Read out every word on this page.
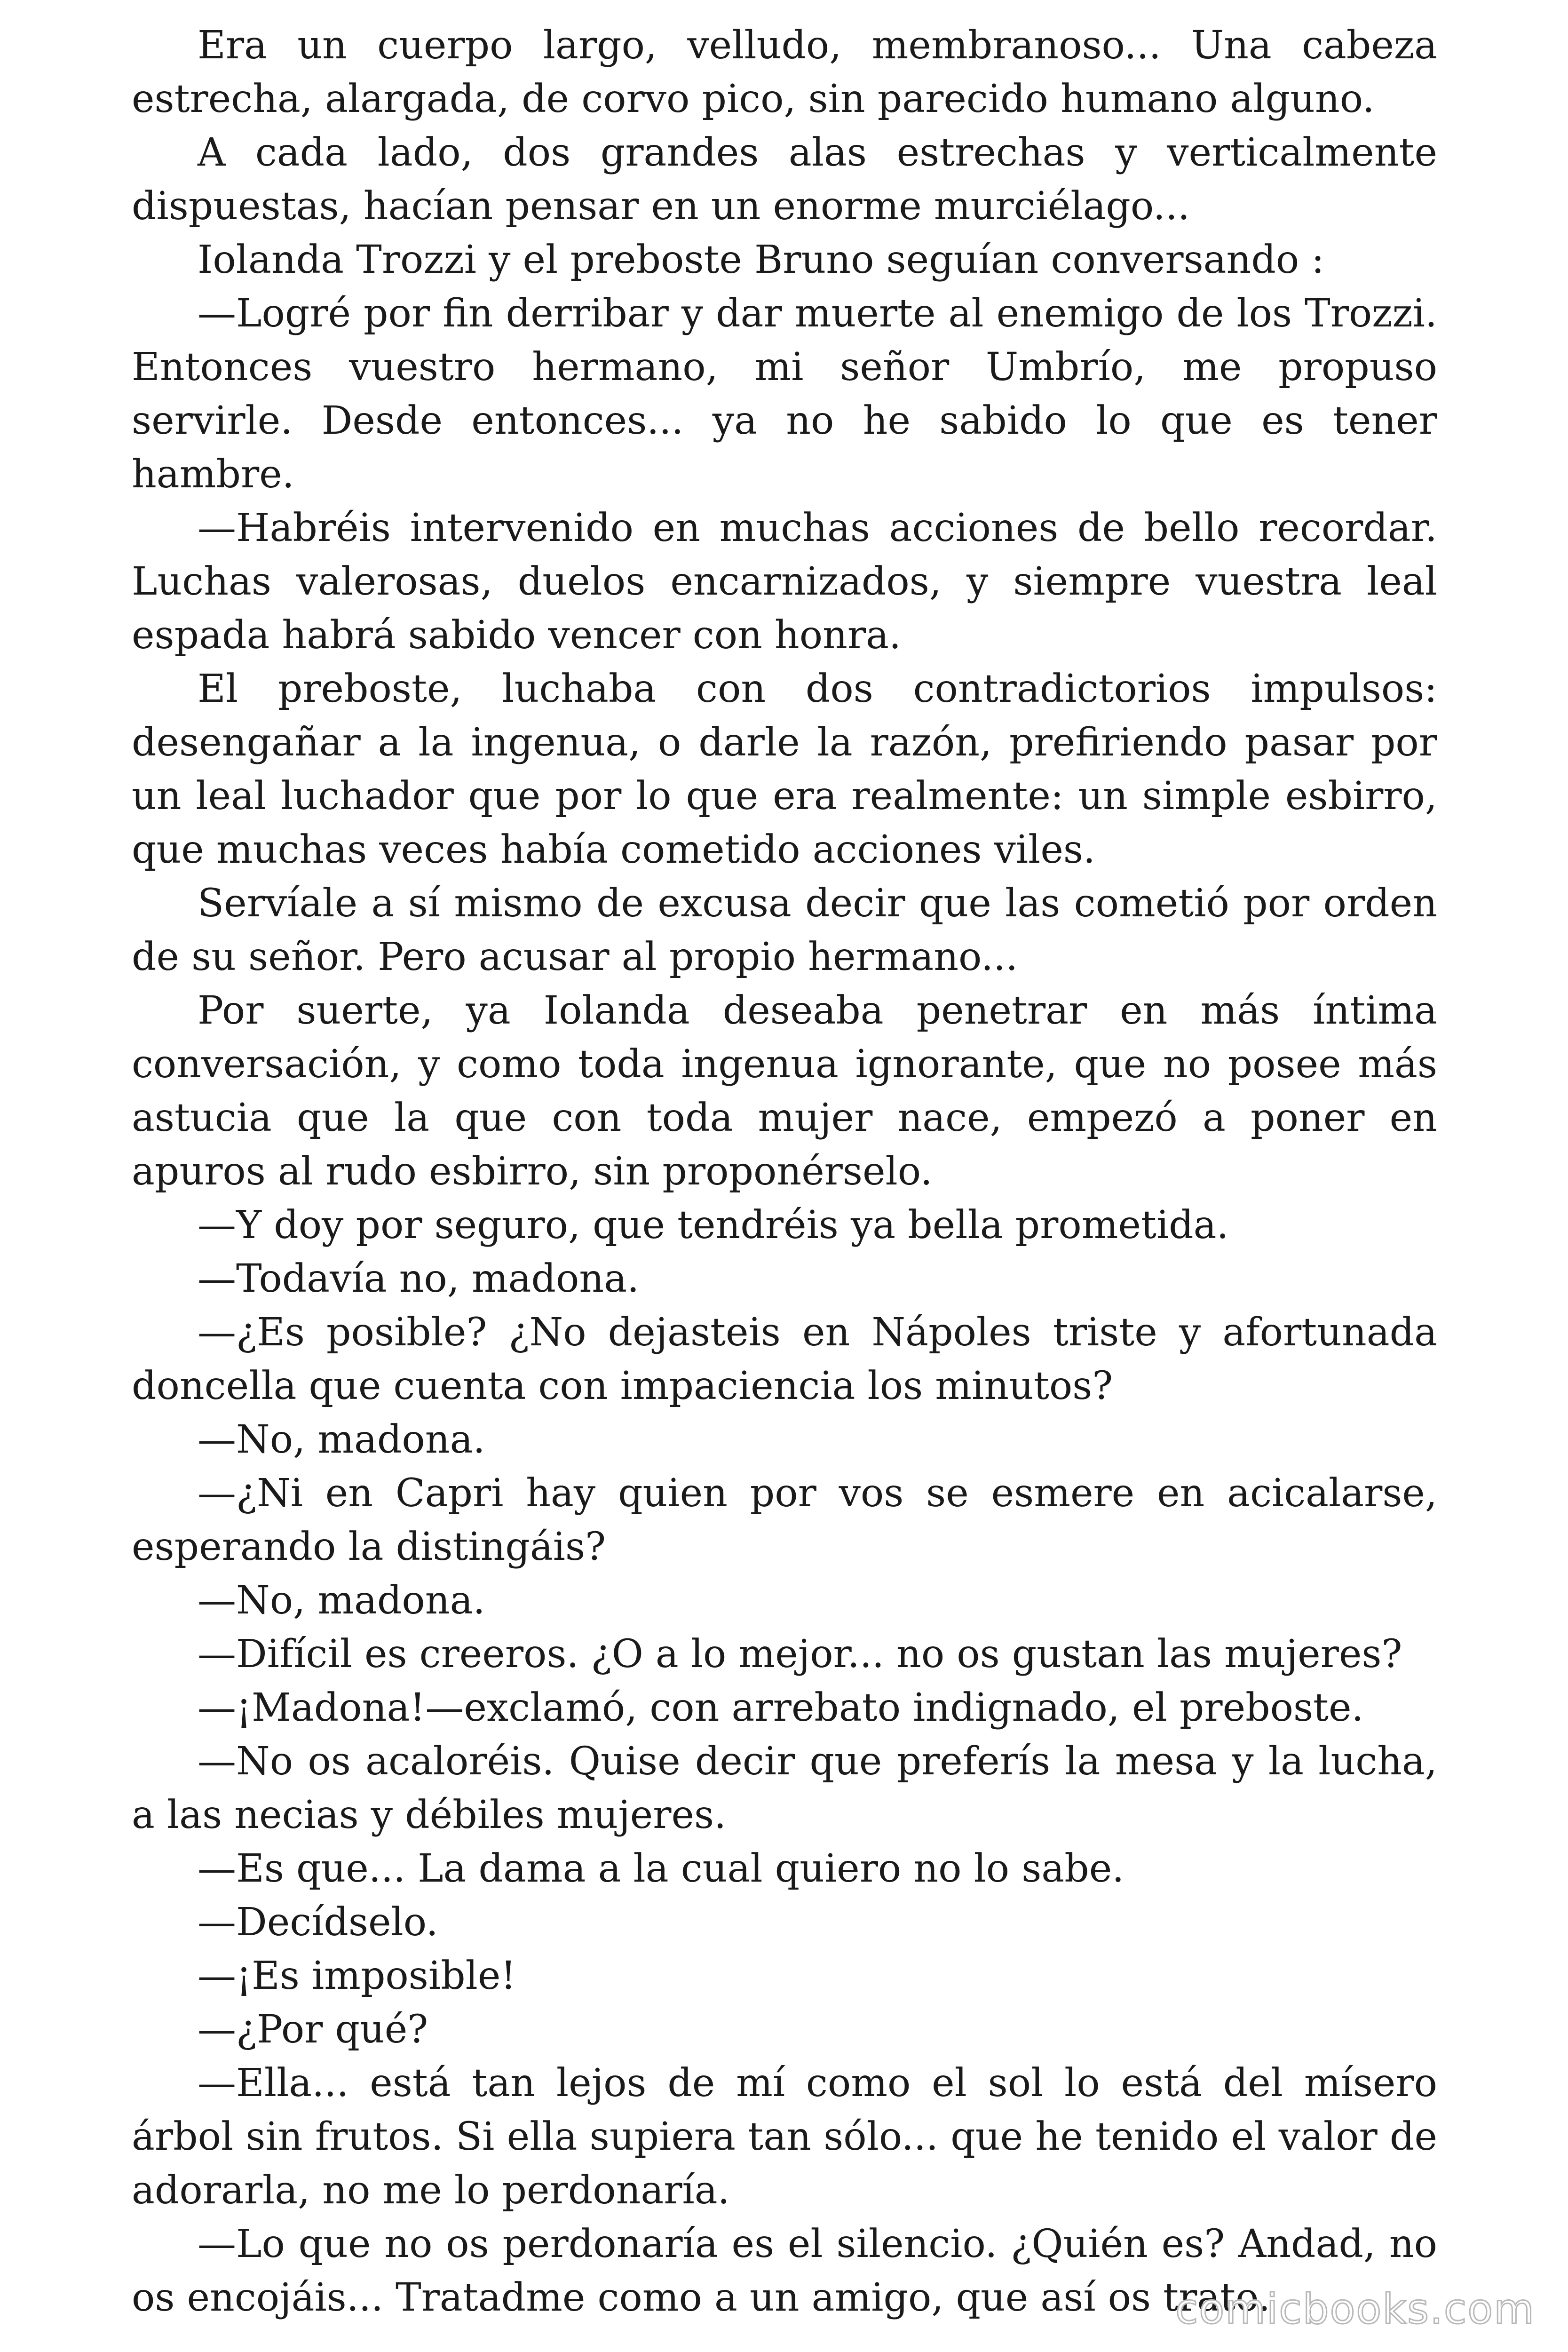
Era un cuerpo largo, velludo, membranoso... Una cabeza estrecha, alargada, de corvo pico, sin parecido humano alguno.

A cada lado, dos grandes alas estrechas y verticalmente dispuestas, hacían pensar en un enorme murciélago...

Iolanda Trozzi y el preboste Bruno seguían conversando :

—Logré por fin derribar y dar muerte al enemigo de los Trozzi. Entonces vuestro hermano, mi señor Umbrío, me propuso servirle. Desde entonces... ya no he sabido lo que es tener hambre.

—Habréis intervenido en muchas acciones de bello recordar. Luchas valerosas, duelos encarnizados, y siempre vuestra leal espada habrá sabido vencer con honra.

El preboste, luchaba con dos contradictorios impulsos: desengañar a la ingenua, o darle la razón, prefiriendo pasar por un leal luchador que por lo que era realmente: un simple esbirro, que muchas veces había cometido acciones viles.

Servíale a sí mismo de excusa decir que las cometió por orden de su señor. Pero acusar al propio hermano...

Por suerte, ya Iolanda deseaba penetrar en más íntima conversación, y como toda ingenua ignorante, que no posee más astucia que la que con toda mujer nace, empezó a poner en apuros al rudo esbirro, sin proponérselo.

—Y doy por seguro, que tendréis ya bella prometida.

—Todavía no, madona.

—¿Es posible? ¿No dejasteis en Nápoles triste y afortunada doncella que cuenta con impaciencia los minutos?

—No, madona.

—¿Ni en Capri hay quien por vos se esmere en acicalarse, esperando la distingáis?

—No, madona.

—Difícil es creeros. ¿O a lo mejor... no os gustan las mujeres?

—¡Madona!—exclamó, con arrebato indignado, el preboste.

—No os acaloréis. Quise decir que preferís la mesa y la lucha, a las necias y débiles mujeres.

—Es que... La dama a la cual quiero no lo sabe.

—Decídselo.

—¡Es imposible!

—¿Por qué?

—Ella... está tan lejos de mí como el sol lo está del mísero árbol sin frutos. Si ella supiera tan sólo... que he tenido el valor de adorarla, no me lo perdonaría.

—Lo que no os perdonaría es el silencio. ¿Quién es? Andad, no os encojáis... Tratadme como a un amigo, que así os trato.

comicbooks.com
